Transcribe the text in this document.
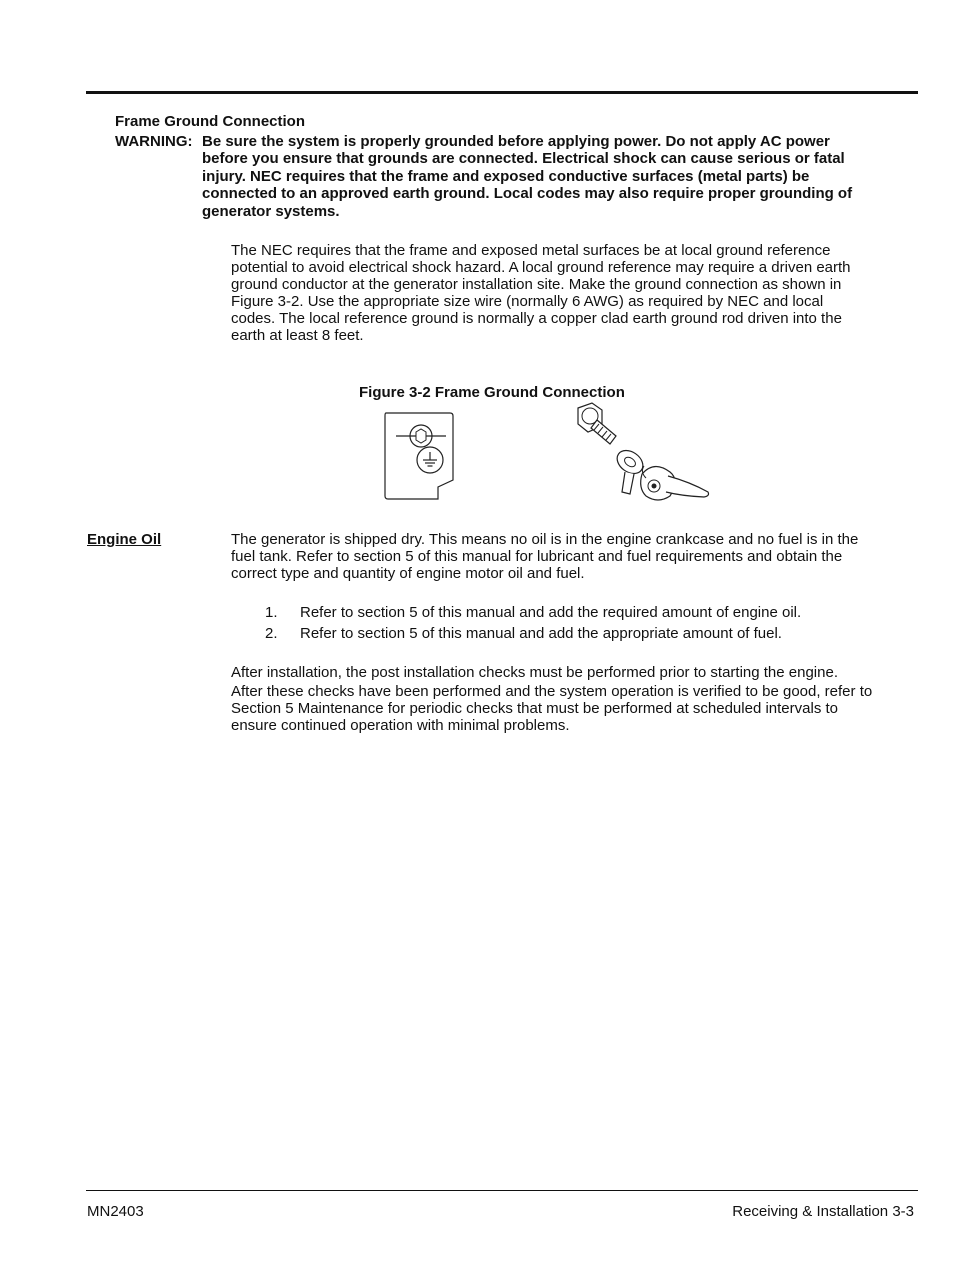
Frame Ground Connection
WARNING: Be sure the system is properly grounded before applying power. Do not apply AC power
before you ensure that grounds are connected. Electrical shock can cause serious or fatal
injury. NEC requires that the frame and exposed conductive surfaces (metal parts) be
connected to an approved earth ground. Local codes may also require proper grounding of
generator systems.
The NEC requires that the frame and exposed metal surfaces be at local ground reference
potential to avoid electrical shock hazard. A local ground reference may require a driven earth
ground conductor at the generator installation site. Make the ground connection as shown in
Figure 3-2. Use the appropriate size wire (normally 6 AWG) as required by NEC and local
codes. The local reference ground is normally a copper clad earth ground rod driven into the
earth at least 8 feet.
Figure 3-2 Frame Ground Connection
Engine Oil	The generator is shipped dry. This means no oil is in the engine crankcase and no fuel is in the
fuel tank. Refer to section 5 of this manual for lubricant and fuel requirements and obtain the
correct type and quantity of engine motor oil and fuel.
1. Refer to section 5 of this manual and add the required amount of engine oil.
2. Refer to section 5 of this manual and add the appropriate amount of fuel.
After installation, the post installation checks must be performed prior to starting the engine.
After these checks have been performed and the system operation is verified to be good, refer to
Section 5 Maintenance for periodic checks that must be performed at scheduled intervals to
ensure continued operation with minimal problems.
MN2403	Receiving & Installation 3-3
